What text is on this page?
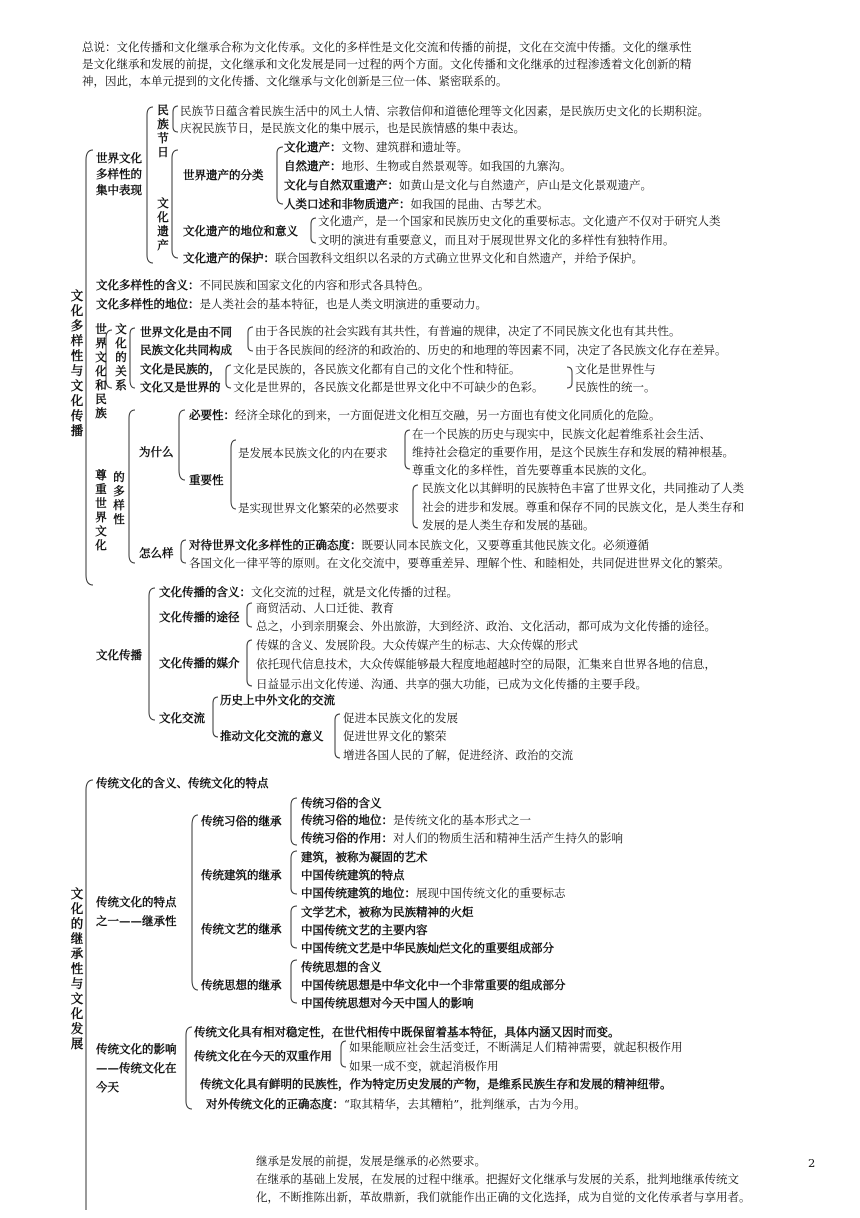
总说：文化传播和文化继承合称为文化传承。文化的多样性是文化交流和传播的前提，文化在交流中传播。文化的继承性
是文化继承和发展的前提，文化继承和文化发展是同一过程的两个方面。文化传播和文化继承的过程渗透着文化创新的精
神，因此，本单元提到的文化传播、文化继承与文化创新是三位一体、紧密联系的。
文化多样性与文化传播
世界文化多样性的集中表现
民族节日
民族节日蕴含着民族生活中的风土人情、宗教信仰和道德伦理等文化因素，是民族历史文化的长期积淀。
庆祝民族节日，是民族文化的集中展示，也是民族情感的集中表达。
文化遗产
世界遗产的分类
文化遗产：文物、建筑群和遗址等。
自然遗产：地形、生物或自然景观等。如我国的九寨沟。
文化与自然双重遗产：如黄山是文化与自然遗产，庐山是文化景观遗产。
人类口述和非物质遗产：如我国的昆曲、古琴艺术。
文化遗产的地位和意义
文化遗产，是一个国家和民族历史文化的重要标志。文化遗产不仅对于研究人类
文明的演进有重要意义，而且对于展现世界文化的多样性有独特作用。
文化遗产的保护：联合国教科文组织以名录的方式确立世界文化和自然遗产，并给予保护。
文化多样性的含义：不同民族和国家文化的内容和形式各具特色。
文化多样性的地位：是人类社会的基本特征，也是人类文明演进的重要动力。
世界文化和民族
文化的关系
世界文化是由不同
民族文化共同构成
由于各民族的社会实践有其共性，有普遍的规律，决定了不同民族文化也有其共性。
由于各民族间的经济的和政治的、历史的和地理的等因素不同，决定了各民族文化存在差异。
文化是民族的，
文化又是世界的
文化是民族的，各民族文化都有自己的文化个性和特征。
文化是世界的，各民族文化都是世界文化中不可缺少的色彩。
文化是世界性与
民族性的统一。
尊重世界文化
的多样性
为什么
必要性：经济全球化的到来，一方面促进文化相互交融，另一方面也有使文化同质化的危险。
重要性
是发展本民族文化的内在要求
在一个民族的历史与现实中，民族文化起着维系社会生活、
维持社会稳定的重要作用，是这个民族生存和发展的精神根基。
尊重文化的多样性，首先要尊重本民族的文化。
是实现世界文化繁荣的必然要求
民族文化以其鲜明的民族特色丰富了世界文化，共同推动了人类
社会的进步和发展。尊重和保存不同的民族文化，是人类生存和
发展的是人类生存和发展的基础。
怎么样
对待世界文化多样性的正确态度：既要认同本民族文化，又要尊重其他民族文化。必须遵循
各国文化一律平等的原则。在文化交流中，要尊重差异、理解个性、和睦相处，共同促进世界文化的繁荣。
文化传播
文化传播的含义：文化交流的过程，就是文化传播的过程。
文化传播的途径
商贸活动、人口迁徙、教育
总之，小到亲朋聚会、外出旅游，大到经济、政治、文化活动，都可成为文化传播的途径。
文化传播的媒介
传媒的含义、发展阶段。大众传媒产生的标志、大众传媒的形式
依托现代信息技术，大众传媒能够最大程度地超越时空的局限，汇集来自世界各地的信息，
日益显示出文化传递、沟通、共享的强大功能，已成为文化传播的主要手段。
文化交流
历史上中外文化的交流
推动文化交流的意义
促进本民族文化的发展
促进世界文化的繁荣
增进各国人民的了解，促进经济、政治的交流
文化的继承性与文化发展
传统文化的含义、传统文化的特点
传统文化的特点
之一——继承性
传统习俗的继承
传统习俗的含义
传统习俗的地位：是传统文化的基本形式之一
传统习俗的作用：对人们的物质生活和精神生活产生持久的影响
传统建筑的继承
建筑，被称为凝固的艺术
中国传统建筑的特点
中国传统建筑的地位：展现中国传统文化的重要标志
传统文艺的继承
文学艺术，被称为民族精神的火炬
中国传统文艺的主要内容
中国传统文艺是中华民族灿烂文化的重要组成部分
传统思想的继承
传统思想的含义
中国传统思想是中华文化中一个非常重要的组成部分
中国传统思想对今天中国人的影响
传统文化的影响
——传统文化在
今天
传统文化具有相对稳定性，在世代相传中既保留着基本特征，具体内涵又因时而变。
传统文化在今天的双重作用
如果能顺应社会生活变迁，不断满足人们精神需要，就起积极作用
如果一成不变，就起消极作用
传统文化具有鲜明的民族性，作为特定历史发展的产物，是维系民族生存和发展的精神纽带。
对外传统文化的正确态度：“取其精华，去其糟粕”，批判继承，古为今用。
继承是发展的前提，发展是继承的必然要求。
在继承的基础上发展，在发展的过程中继承。把握好文化继承与发展的关系，批判地继承传统文
化，不断推陈出新，革故鼎新，我们就能作出正确的文化选择，成为自觉的文化传承者与享用者。
2
